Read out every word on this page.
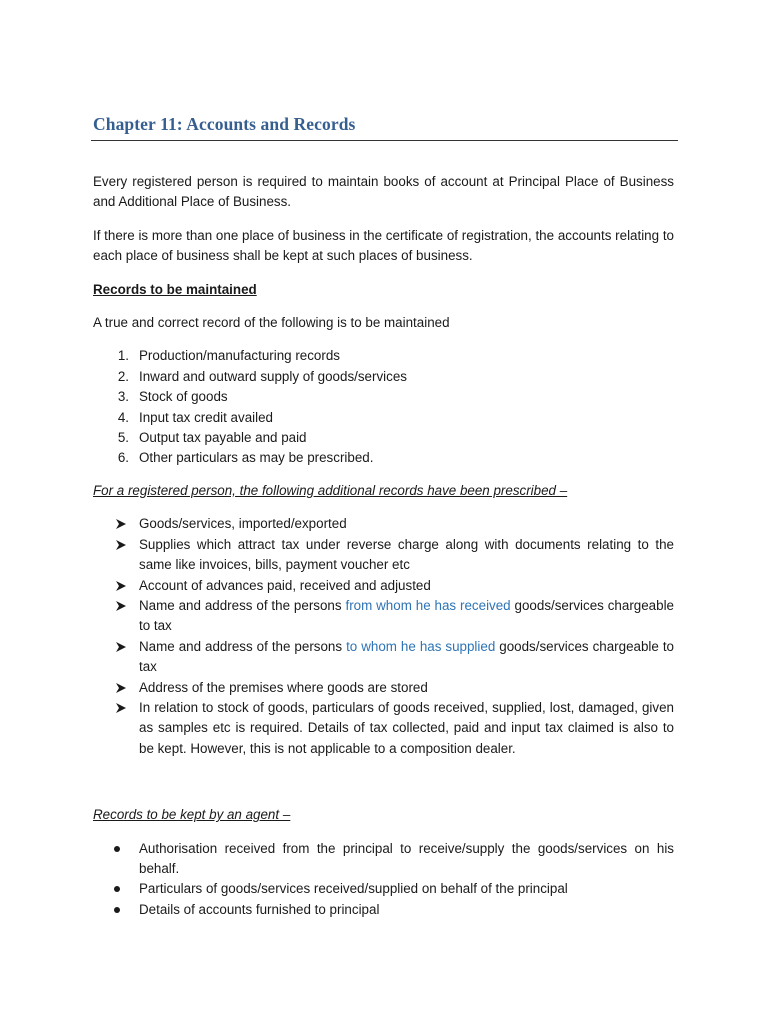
Chapter 11: Accounts and Records

Every registered person is required to maintain books of account at Principal Place of Business and Additional Place of Business.

If there is more than one place of business in the certificate of registration, the accounts relating to each place of business shall be kept at such places of business.

Records to be maintained

A true and correct record of the following is to be maintained

1. Production/manufacturing records
2. Inward and outward supply of goods/services
3. Stock of goods
4. Input tax credit availed
5. Output tax payable and paid
6. Other particulars as may be prescribed.

For a registered person, the following additional records have been prescribed –

Goods/services, imported/exported
Supplies which attract tax under reverse charge along with documents relating to the same like invoices, bills, payment voucher etc
Account of advances paid, received and adjusted
Name and address of the persons from whom he has received goods/services chargeable to tax
Name and address of the persons to whom he has supplied goods/services chargeable to tax
Address of the premises where goods are stored
In relation to stock of goods, particulars of goods received, supplied, lost, damaged, given as samples etc is required. Details of tax collected, paid and input tax claimed is also to be kept. However, this is not applicable to a composition dealer.

Records to be kept by an agent –

Authorisation received from the principal to receive/supply the goods/services on his behalf.
Particulars of goods/services received/supplied on behalf of the principal
Details of accounts furnished to principal
